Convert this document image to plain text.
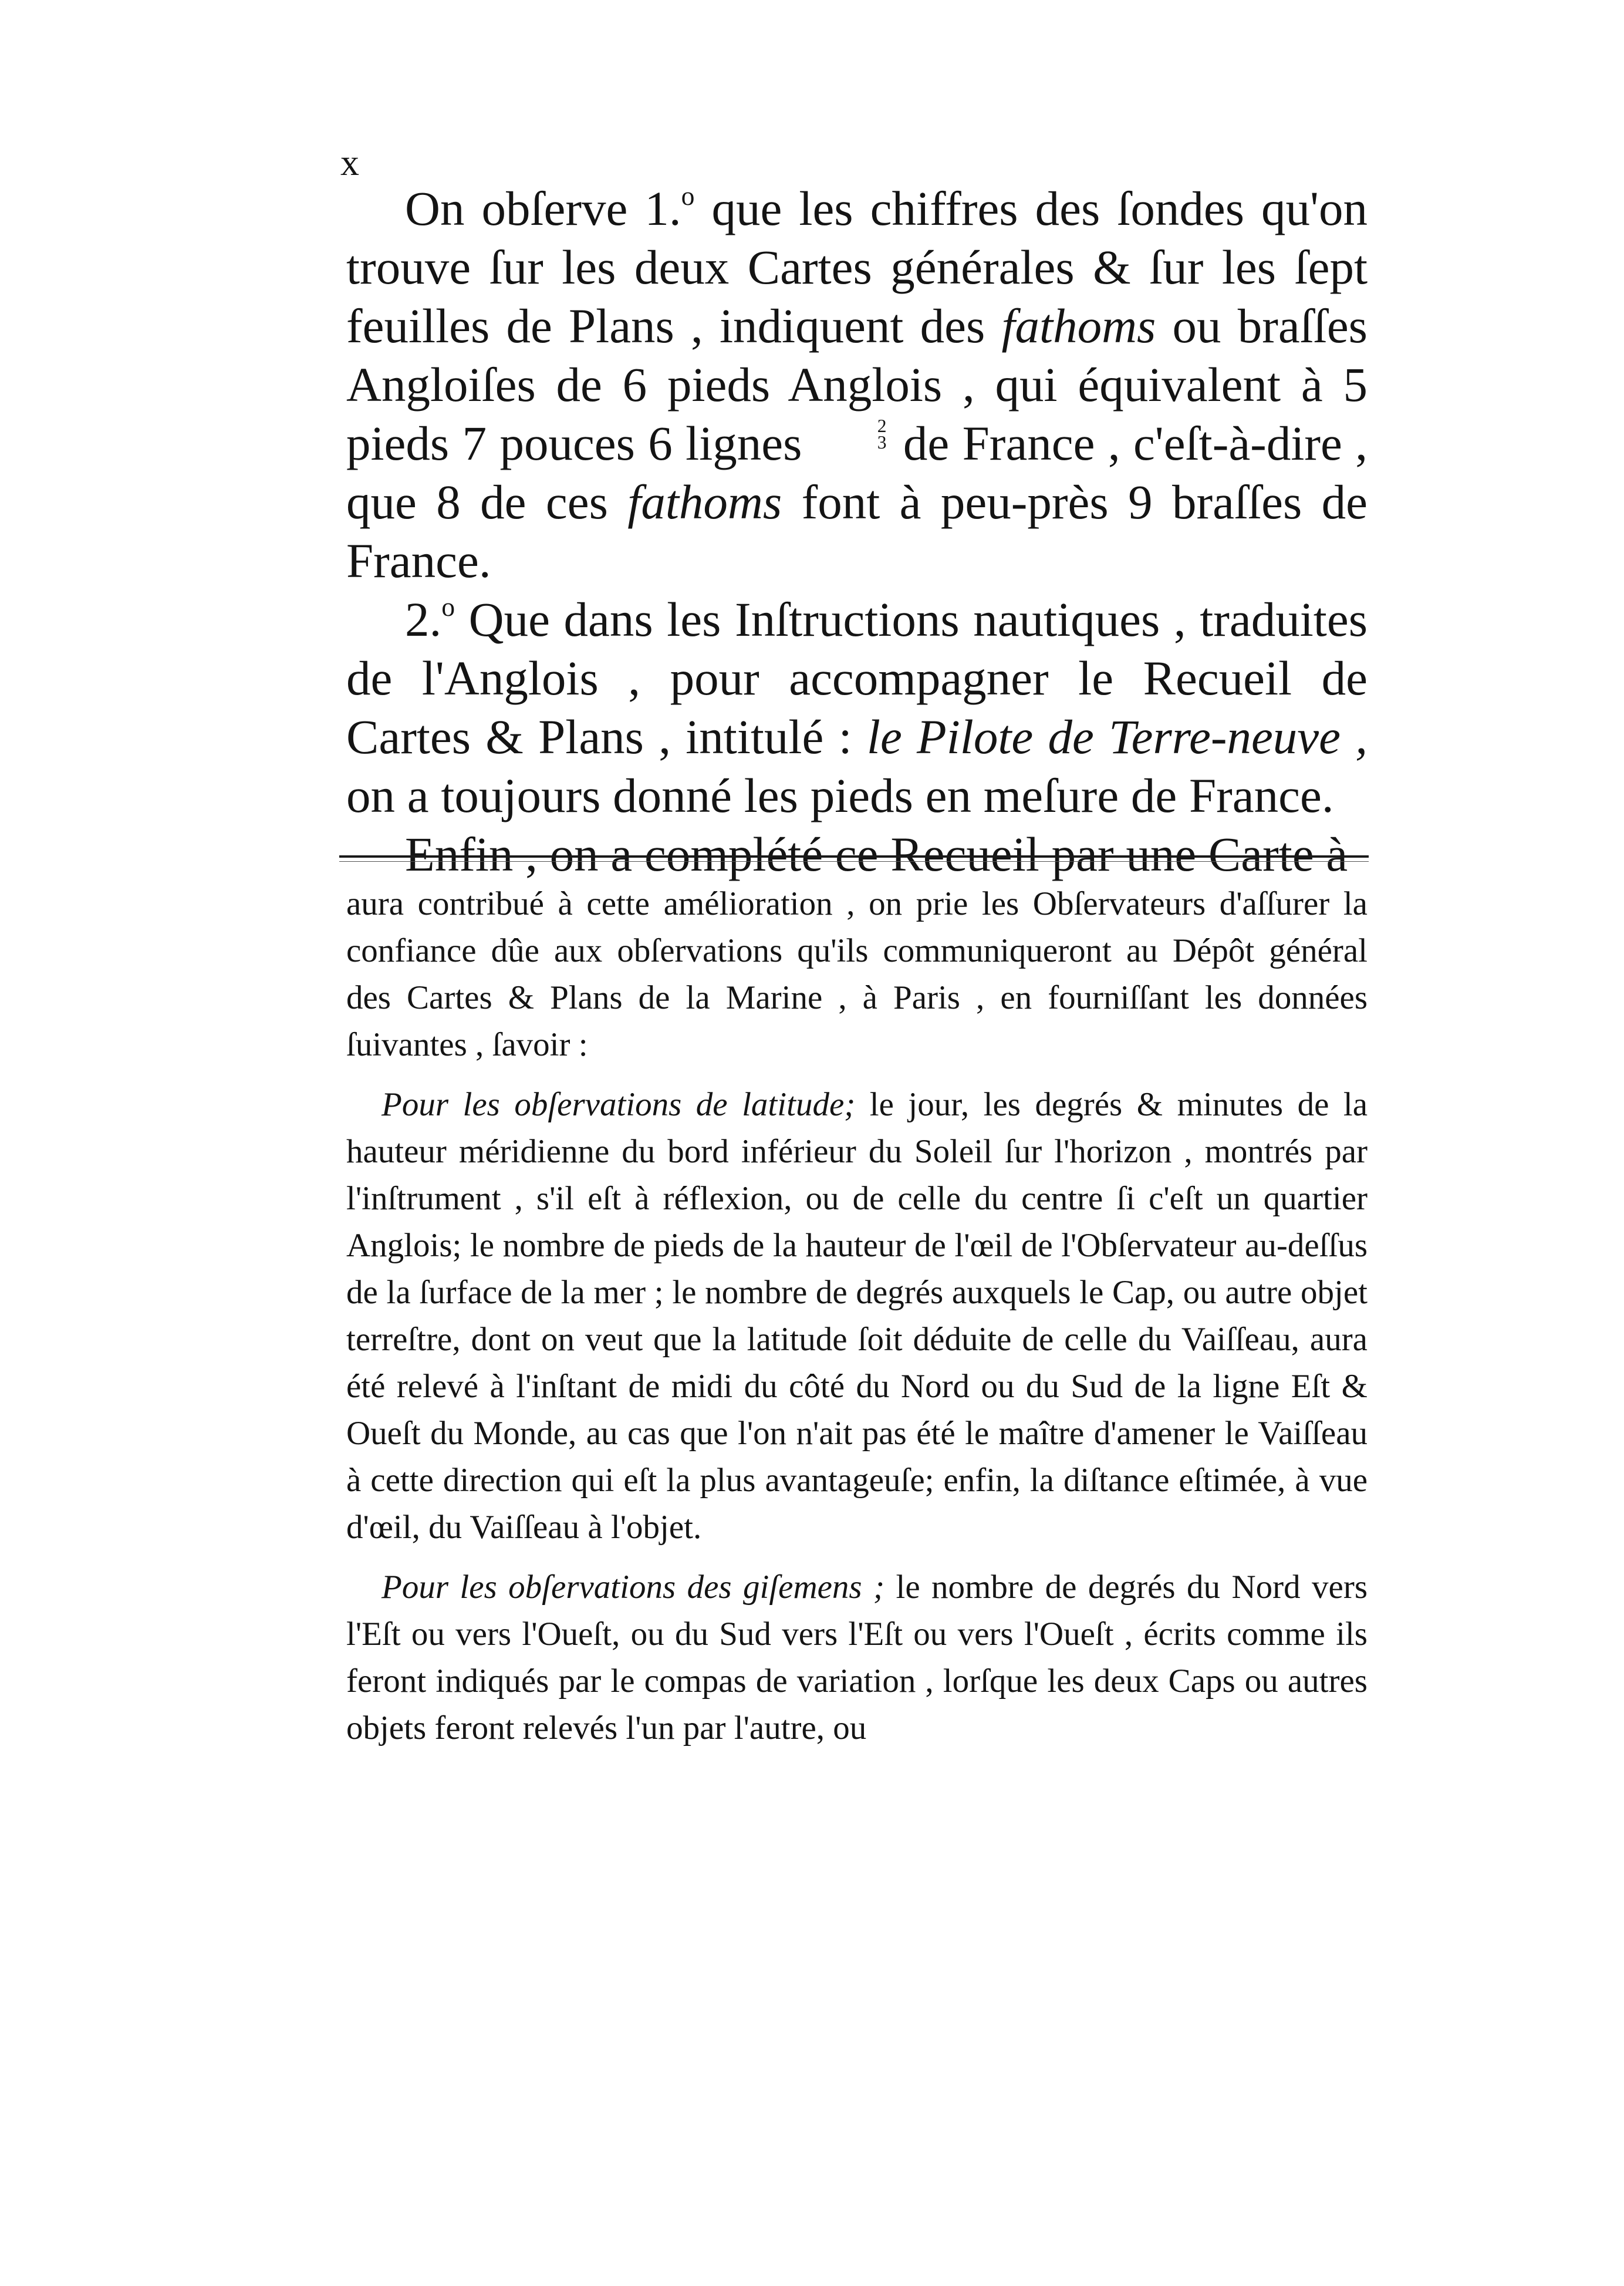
x

On obſerve 1.$^o$ que les chiffres des ſondes qu'on trouve ſur les deux Cartes générales & ſur les ſept feuilles de Plans , indiquent des fathoms ou braſſes Angloiſes de 6 pieds Anglois , qui équivalent à 5 pieds 7 pouces 6 lignes	2
3 de France , c'eſt-à-dire , que 8 de ces fathoms font à peu-près 9 braſſes de France.

2.$^o$ Que dans les Inſtructions nautiques , traduites de l'Anglois , pour accompagner le Recueil de Cartes & Plans , intitulé : le Pilote de Terre-neuve , on a toujours donné les pieds en meſure de France.

Enfin , on a complété ce Recueil par une Carte à

aura contribué à cette amélioration , on prie les Obſervateurs d'aſſurer la confiance dûe aux obſervations qu'ils communiqueront au Dépôt général des Cartes & Plans de la Marine , à Paris , en fourniſſant les données ſuivantes , ſavoir :

Pour les obſervations de latitude; le jour, les degrés & minutes de la hauteur méridienne du bord inférieur du Soleil ſur l'horizon , montrés par l'inſtrument , s'il eſt à réflexion, ou de celle du centre ſi c'eſt un quartier Anglois; le nombre de pieds de la hauteur de l'œil de l'Obſervateur au-deſſus de la ſurface de la mer ; le nombre de degrés auxquels le Cap, ou autre objet terreſtre, dont on veut que la latitude ſoit déduite de celle du Vaiſſeau, aura été relevé à l'inſtant de midi du côté du Nord ou du Sud de la ligne Eſt & Oueſt du Monde, au cas que l'on n'ait pas été le maître d'amener le Vaiſſeau à cette direction qui eſt la plus avantageuſe; enfin, la diſtance eſtimée, à vue d'œil, du Vaiſſeau à l'objet.

Pour les obſervations des giſemens ; le nombre de degrés du Nord vers l'Eſt ou vers l'Oueſt, ou du Sud vers l'Eſt ou vers l'Oueſt , écrits comme ils feront indiqués par le compas de variation , lorſque les deux Caps ou autres objets feront relevés l'un par l'autre, ou
